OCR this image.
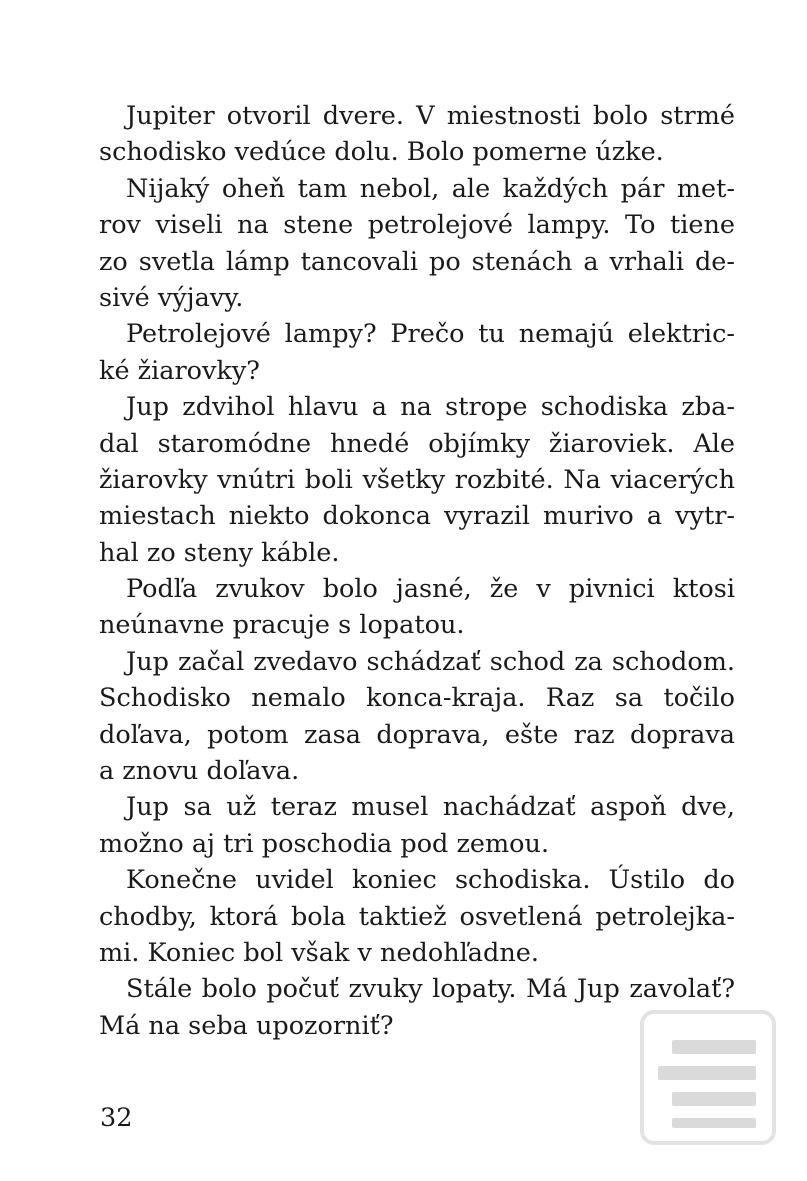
Jupiter otvoril dvere. V miestnosti bolo strmé
schodisko vedúce dolu. Bolo pomerne úzke.
Nijaký oheň tam nebol, ale každých pár met-
rov viseli na stene petrolejové lampy. To tiene
zo svetla lámp tancovali po stenách a vrhali de-
sivé výjavy.
Petrolejové lampy? Prečo tu nemajú elektric-
ké žiarovky?
Jup zdvihol hlavu a na strope schodiska zba-
dal staromódne hnedé objímky žiaroviek. Ale
žiarovky vnútri boli všetky rozbité. Na viacerých
miestach niekto dokonca vyrazil murivo a vytr-
hal zo steny káble.
Podľa zvukov bolo jasné, že v pivnici ktosi
neúnavne pracuje s lopatou.
Jup začal zvedavo schádzať schod za schodom.
Schodisko nemalo konca-kraja. Raz sa točilo
doľava, potom zasa doprava, ešte raz doprava
a znovu doľava.
Jup sa už teraz musel nachádzať aspoň dve,
možno aj tri poschodia pod zemou.
Konečne uvidel koniec schodiska. Ústilo do
chodby, ktorá bola taktiež osvetlená petrolejka-
mi. Koniec bol však v nedohľadne.
Stále bolo počuť zvuky lopaty. Má Jup zavolať?
Má na seba upozorniť?
32
